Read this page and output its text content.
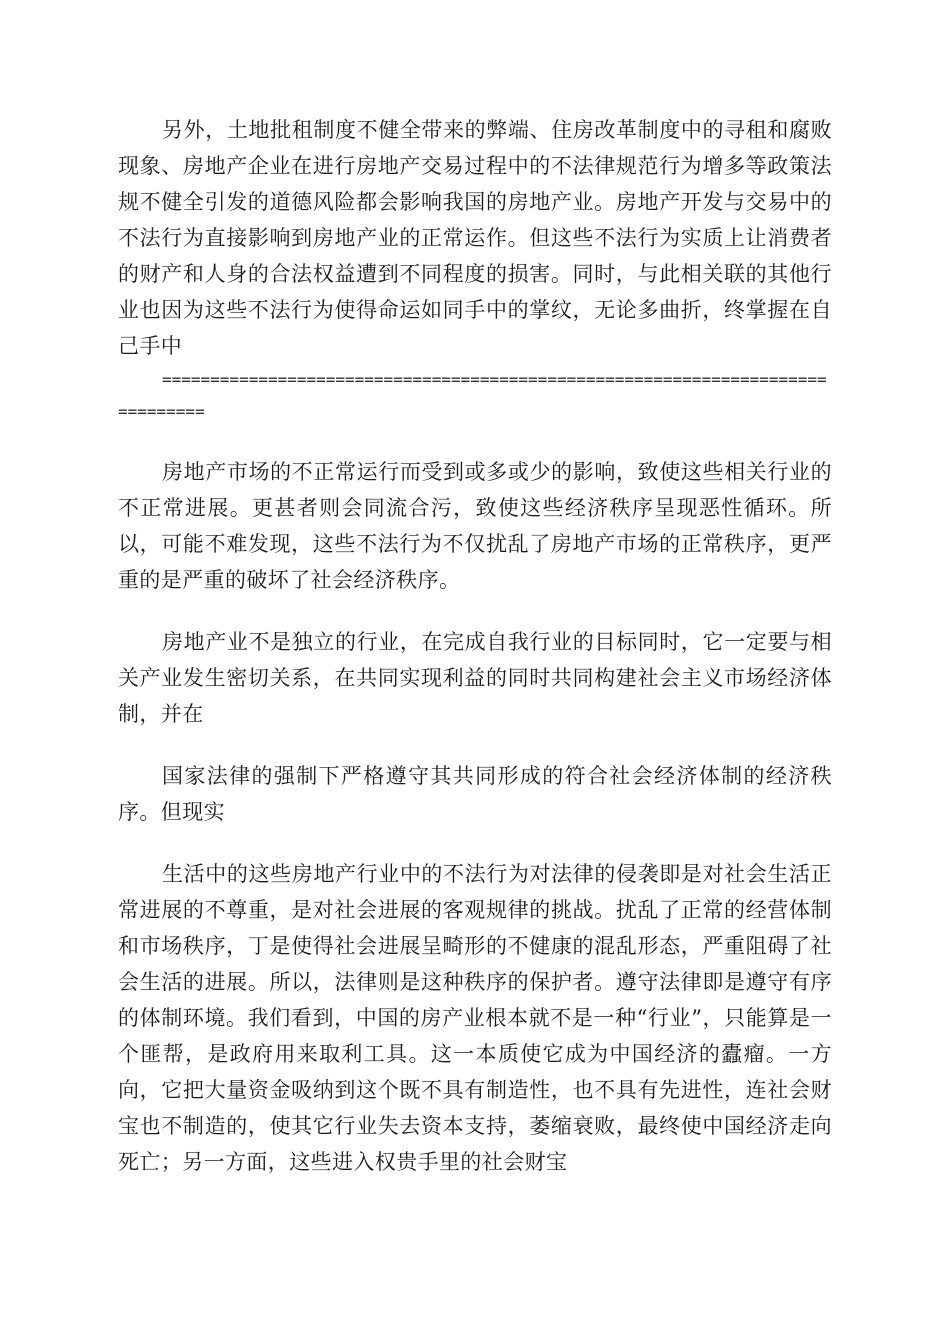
另外，土地批租制度不健全带来的弊端、住房改革制度中的寻租和腐败现象、房地产企业在进行房地产交易过程中的不法律规范行为增多等政策法规不健全引发的道德风险都会影响我国的房地产业。房地产开发与交易中的不法行为直接影响到房地产业的正常运作。但这些不法行为实质上让消费者的财产和人身的合法权益遭到不同程度的损害。同时，与此相关联的其他行业也因为这些不法行为使得命运如同手中的掌纹，无论多曲折，终掌握在自己手中

==============================================================================

房地产市场的不正常运行而受到或多或少的影响，致使这些相关行业的不正常进展。更甚者则会同流合污，致使这些经济秩序呈现恶性循环。所以，可能不难发现，这些不法行为不仅扰乱了房地产市场的正常秩序，更严重的是严重的破坏了社会经济秩序。

房地产业不是独立的行业，在完成自我行业的目标同时，它一定要与相关产业发生密切关系，在共同实现利益的同时共同构建社会主义市场经济体制，并在

国家法律的强制下严格遵守其共同形成的符合社会经济体制的经济秩序。但现实

生活中的这些房地产行业中的不法行为对法律的侵袭即是对社会生活正常进展的不尊重，是对社会进展的客观规律的挑战。扰乱了正常的经营体制和市场秩序，丁是使得社会进展呈畸形的不健康的混乱形态，严重阻碍了社会生活的进展。所以，法律则是这种秩序的保护者。遵守法律即是遵守有序的体制环境。我们看到，中国的房产业根本就不是一种“行业”，只能算是一个匪帮，是政府用来取利工具。这一本质使它成为中国经济的蠹瘤。一方向，它把大量资金吸纳到这个既不具有制造性，也不具有先进性，连社会财宝也不制造的，使其它行业失去资本支持，萎缩衰败，最终使中国经济走向死亡；另一方面，这些进入权贵手里的社会财宝
